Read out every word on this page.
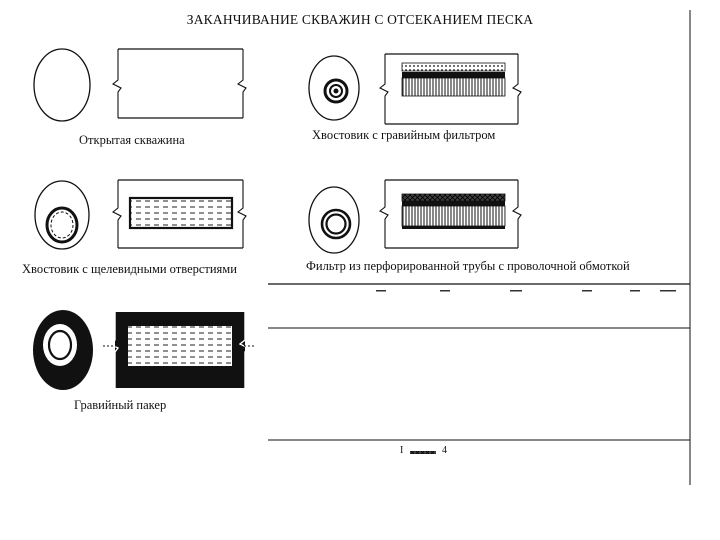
ЗАКАНЧИВАНИЕ СКВАЖИН С ОТСЕКАНИЕМ ПЕСКА
Открытая скважина	Хвостовик с гравийным фильтром
Хвостовик с щелевидными отверстиями	Фильтр из перфорированной трубы с проволочной обмоткой
Гравийный пакер
I	4
